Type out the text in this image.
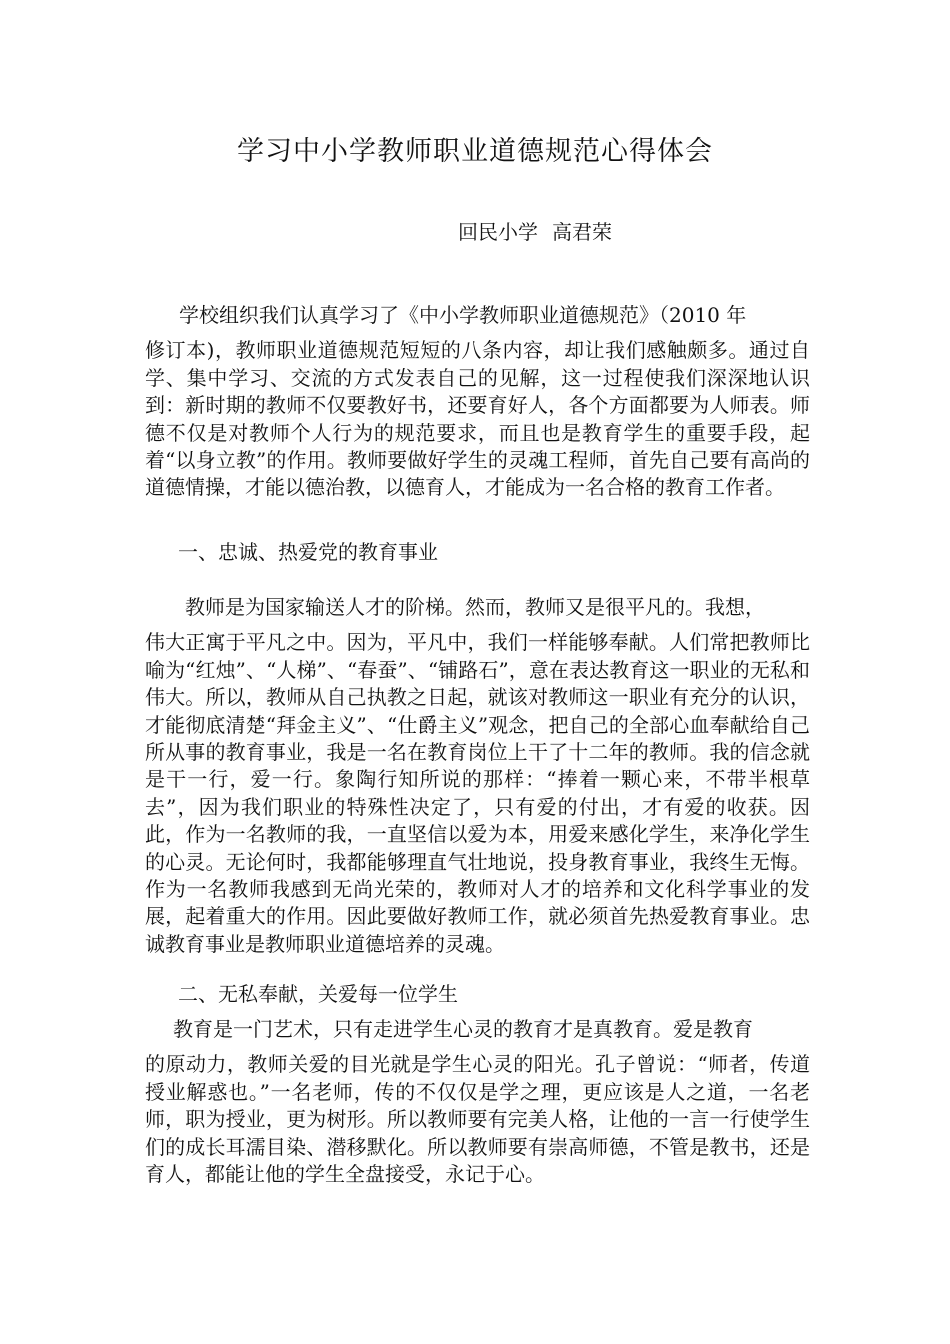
学习中小学教师职业道德规范心得体会
回民小学 高君荣
学校组织我们认真学习了《中小学教师职业道德规范》（2010 年
修订本)，教师职业道德规范短短的八条内容，却让我们感触颇多。通过自学、集中学习、交流的方式发表自己的见解，这一过程使我们深深地认识到：新时期的教师不仅要教好书，还要育好人，各个方面都要为人师表。师德不仅是对教师个人行为的规范要求，而且也是教育学生的重要手段，起着“以身立教”的作用。教师要做好学生的灵魂工程师，首先自己要有高尚的道德情操，才能以德治教，以德育人，才能成为一名合格的教育工作者。
一、忠诚、热爱党的教育事业
教师是为国家输送人才的阶梯。然而，教师又是很平凡的。我想，
伟大正寓于平凡之中。因为，平凡中，我们一样能够奉献。人们常把教师比喻为“红烛”、“人梯”、“春蚕”、“铺路石”，意在表达教育这一职业的无私和伟大。所以，教师从自己执教之日起，就该对教师这一职业有充分的认识，才能彻底清楚“拜金主义”、“仕爵主义”观念，把自己的全部心血奉献给自己所从事的教育事业，我是一名在教育岗位上干了十二年的教师。我的信念就是干一行，爱一行。象陶行知所说的那样：“捧着一颗心来，不带半根草去”，因为我们职业的特殊性决定了，只有爱的付出，才有爱的收获。因此，作为一名教师的我，一直坚信以爱为本，用爱来感化学生，来净化学生的心灵。无论何时，我都能够理直气壮地说，投身教育事业，我终生无悔。作为一名教师我感到无尚光荣的，教师对人才的培养和文化科学事业的发展，起着重大的作用。因此要做好教师工作，就必须首先热爱教育事业。忠诚教育事业是教师职业道德培养的灵魂。
二、无私奉献，关爱每一位学生
教育是一门艺术，只有走进学生心灵的教育才是真教育。爱是教育
的原动力，教师关爱的目光就是学生心灵的阳光。孔子曾说：“师者，传道授业解惑也。”一名老师，传的不仅仅是学之理，更应该是人之道，一名老师，职为授业，更为树形。所以教师要有完美人格，让他的一言一行使学生们的成长耳濡目染、潜移默化。所以教师要有崇高师德，不管是教书，还是育人，都能让他的学生全盘接受，永记于心。
